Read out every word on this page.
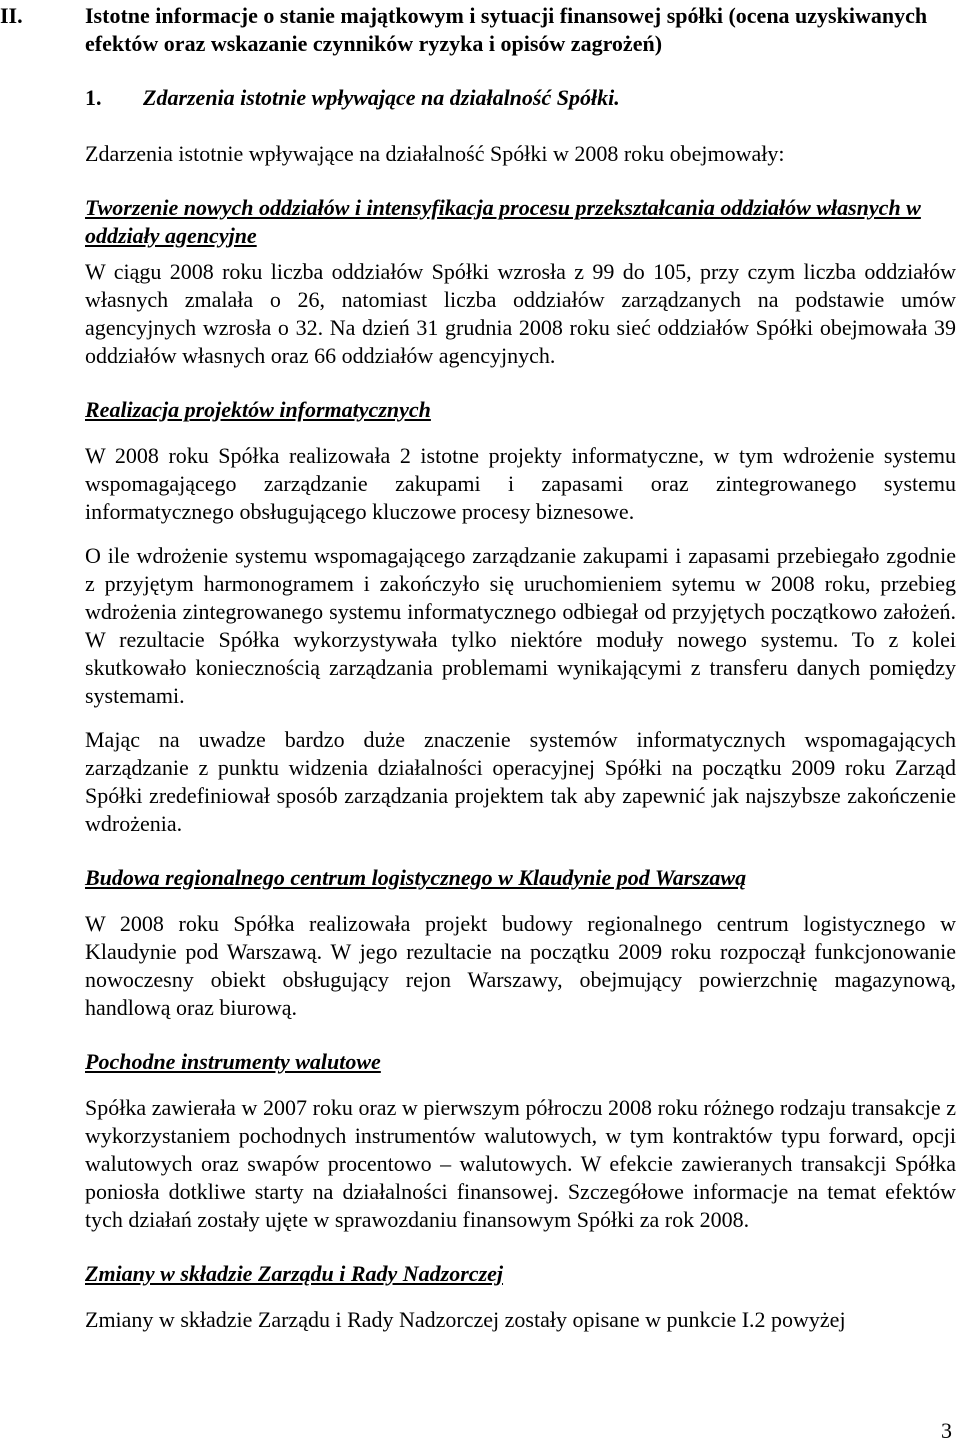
II.	Istotne informacje o stanie majątkowym i sytuacji finansowej spółki (ocena uzyskiwanych efektów oraz wskazanie czynników ryzyka i opisów zagrożeń)
1. Zdarzenia istotnie wpływające na działalność Spółki.

Zdarzenia istotnie wpływające na działalność Spółki w 2008 roku obejmowały:

Tworzenie nowych oddziałów i intensyfikacja procesu przekształcania oddziałów własnych w oddziały agencyjne

W ciągu 2008 roku liczba oddziałów Spółki wzrosła z 99 do 105, przy czym liczba oddziałów własnych zmalała o 26, natomiast liczba oddziałów zarządzanych na podstawie umów agencyjnych wzrosła o 32. Na dzień 31 grudnia 2008 roku sieć oddziałów Spółki obejmowała 39 oddziałów własnych oraz 66 oddziałów agencyjnych.

Realizacja projektów informatycznych

W 2008 roku Spółka realizowała 2 istotne projekty informatyczne, w tym wdrożenie systemu wspomagającego zarządzanie zakupami i zapasami oraz zintegrowanego systemu informatycznego obsługującego kluczowe procesy biznesowe.

O ile wdrożenie systemu wspomagającego zarządzanie zakupami i zapasami przebiegało zgodnie z przyjętym harmonogramem i zakończyło się uruchomieniem sytemu w 2008 roku, przebieg wdrożenia zintegrowanego systemu informatycznego odbiegał od przyjętych początkowo założeń. W rezultacie Spółka wykorzystywała tylko niektóre moduły nowego systemu. To z kolei skutkowało koniecznością zarządzania problemami wynikającymi z transferu danych pomiędzy systemami.

Mając na uwadze bardzo duże znaczenie systemów informatycznych wspomagających zarządzanie z punktu widzenia działalności operacyjnej Spółki na początku 2009 roku Zarząd Spółki zredefiniował sposób zarządzania projektem tak aby zapewnić jak najszybsze zakończenie wdrożenia.

Budowa regionalnego centrum logistycznego w Klaudynie pod Warszawą

W 2008 roku Spółka realizowała projekt budowy regionalnego centrum logistycznego w Klaudynie pod Warszawą. W jego rezultacie na początku 2009 roku rozpoczął funkcjonowanie nowoczesny obiekt obsługujący rejon Warszawy, obejmujący powierzchnię magazynową, handlową oraz biurową.

Pochodne instrumenty walutowe

Spółka zawierała w 2007 roku oraz w pierwszym półroczu 2008 roku różnego rodzaju transakcje z wykorzystaniem pochodnych instrumentów walutowych, w tym kontraktów typu forward, opcji walutowych oraz swapów procentowo – walutowych. W efekcie zawieranych transakcji Spółka poniosła dotkliwe starty na działalności finansowej. Szczegółowe informacje na temat efektów tych działań zostały ujęte w sprawozdaniu finansowym Spółki za rok 2008.

Zmiany w składzie Zarządu i Rady Nadzorczej

Zmiany w składzie Zarządu i Rady Nadzorczej zostały opisane w punkcie I.2 powyżej

3
